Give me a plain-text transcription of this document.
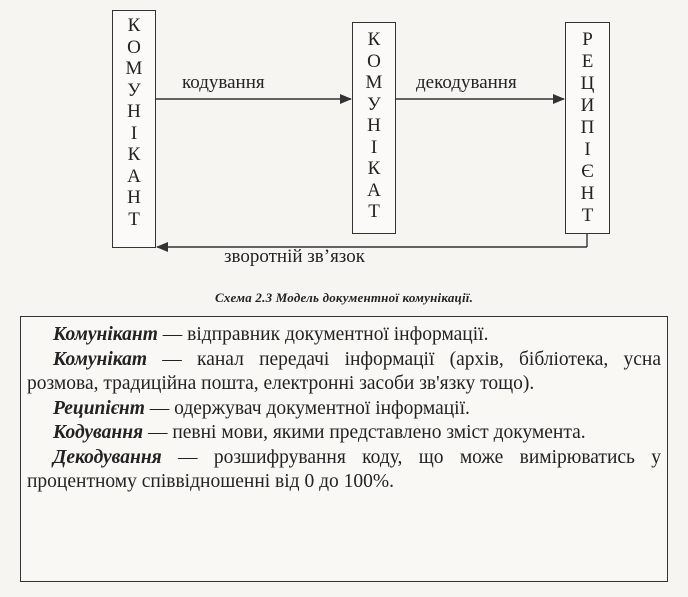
К
О
М
У
Н
І
К
А
Н
Т
К
О
М
У
Н
І
К
А
Т
Р
Е
Ц
И
П
І
Є
Н
Т
кодування	декодування
зворотній зв’язок
Схема 2.3 Модель документної комунікації.

Комунікант — відправник документної інформації.

Комунікат — канал передачі інформації (архів, бібліотека, усна розмова, традиційна пошта, електронні засоби зв'язку тощо).

Реципієнт — одержувач документної інформації.

Кодування — певні мови, якими представлено зміст документа.

Декодування — розшифрування коду, що може вимірюватись у процентному співвідношенні від 0 до 100%.
